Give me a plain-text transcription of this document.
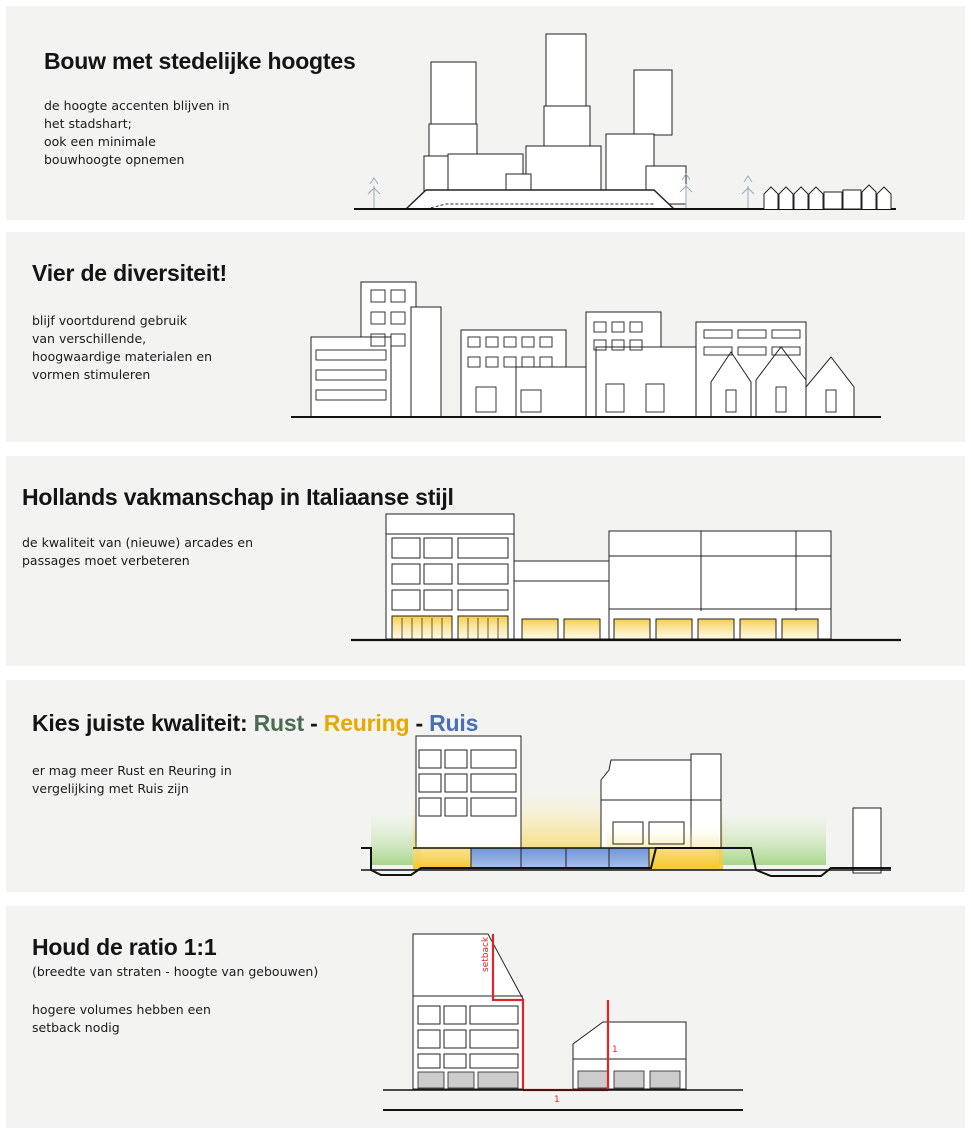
Bouw met stedelijke hoogtes
de hoogte accenten blijven in
het stadshart;
ook een minimale
bouwhoogte opnemen
Vier de diversiteit!
blijf voortdurend gebruik
van verschillende,
hoogwaardige materialen en
vormen stimuleren
Hollands vakmanschap in Italiaanse stijl
de kwaliteit van (nieuwe) arcades en
passages moet verbeteren
Kies juiste kwaliteit: Rust - Reuring - Ruis
er mag meer Rust en Reuring in
vergelijking met Ruis zijn
Houd de ratio 1:1
(breedte van straten - hoogte van gebouwen)
hogere volumes hebben een
setback nodig
setback
1
1
